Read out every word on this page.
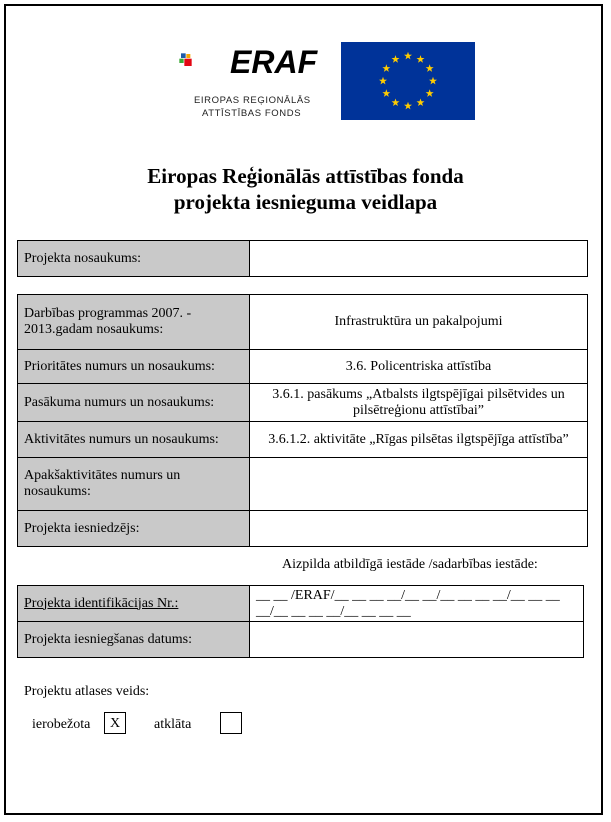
ERAF
EIROPAS REĢIONĀLĀS
ATTĪSTĪBAS FONDS
Eiropas Reģionālās attīstības fonda
projekta iesnieguma veidlapa
Projekta nosaukums:	
Darbības programmas 2007. - 2013.gadam nosaukums:	Infrastruktūra un pakalpojumi
Prioritātes numurs un nosaukums:	3.6. Policentriska attīstība
Pasākuma numurs un nosaukums:	3.6.1. pasākums „Atbalsts ilgtspējīgai pilsētvides un pilsētreģionu attīstībai”
Aktivitātes numurs un nosaukums:	3.6.1.2. aktivitāte „Rīgas pilsētas ilgtspējīga attīstība”
Apakšaktivitātes numurs un nosaukums:	
Projekta iesniedzējs:	
Aizpilda atbildīgā iestāde /sadarbības iestāde:
Projekta identifikācijas Nr.:	__ __ /ERAF/__ __ __ __/__ __/__ __ __ __/__ __ __
__/__ __ __ __/__ __ __ __

Projekta iesniegšanas datums:	
Projektu atlases veids:
ierobežota	X	atklāta
